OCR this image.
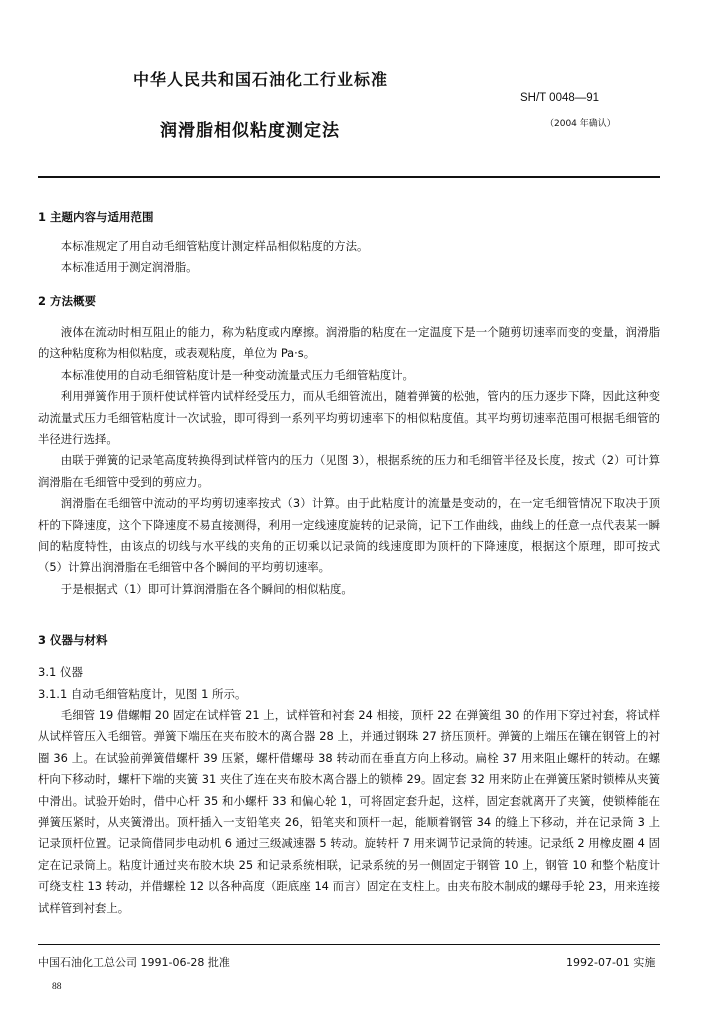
中华人民共和国石油化工行业标准
SH/T 0048—91
润滑脂相似粘度测定法	（2004 年确认）
1 主题内容与适用范围

本标准规定了用自动毛细管粘度计测定样品相似粘度的方法。

本标准适用于测定润滑脂。

2 方法概要

液体在流动时相互阻止的能力，称为粘度或内摩擦。润滑脂的粘度在一定温度下是一个随剪切速率而变的变量，润滑脂的这种粘度称为相似粘度，或表观粘度，单位为 Pa·s。

本标准使用的自动毛细管粘度计是一种变动流量式压力毛细管粘度计。

利用弹簧作用于顶杆使试样管内试样经受压力，而从毛细管流出，随着弹簧的松弛，管内的压力逐步下降，因此这种变动流量式压力毛细管粘度计一次试验，即可得到一系列平均剪切速率下的相似粘度值。其平均剪切速率范围可根据毛细管的半径进行选择。

由联于弹簧的记录笔高度转换得到试样管内的压力（见图 3），根据系统的压力和毛细管半径及长度，按式（2）可计算润滑脂在毛细管中受到的剪应力。

润滑脂在毛细管中流动的平均剪切速率按式（3）计算。由于此粘度计的流量是变动的，在一定毛细管情况下取决于顶杆的下降速度，这个下降速度不易直接测得，利用一定线速度旋转的记录筒，记下工作曲线，曲线上的任意一点代表某一瞬间的粘度特性，由该点的切线与水平线的夹角的正切乘以记录筒的线速度即为顶杆的下降速度，根据这个原理，即可按式（5）计算出润滑脂在毛细管中各个瞬间的平均剪切速率。

于是根据式（1）即可计算润滑脂在各个瞬间的相似粘度。

3 仪器与材料
3.1 仪器
3.1.1 自动毛细管粘度计，见图 1 所示。

毛细管 19 借螺帽 20 固定在试样管 21 上，试样管和衬套 24 相接，顶杆 22 在弹簧组 30 的作用下穿过衬套，将试样从试样管压入毛细管。弹簧下端压在夹布胶木的离合器 28 上，并通过钢珠 27 挤压顶杆。弹簧的上端压在镶在钢管上的衬圈 36 上。在试验前弹簧借螺杆 39 压紧，螺杆借螺母 38 转动而在垂直方向上移动。扁栓 37 用来阻止螺杆的转动。在螺杆向下移动时，螺杆下端的夹簧 31 夹住了连在夹布胶木离合器上的锁棒 29。固定套 32 用来防止在弹簧压紧时锁棒从夹簧中滑出。试验开始时，借中心杆 35 和小螺杆 33 和偏心轮 1，可将固定套升起，这样，固定套就离开了夹簧，使锁棒能在弹簧压紧时，从夹簧滑出。顶杆插入一支铅笔夹 26，铅笔夹和顶杆一起，能顺着钢管 34 的缝上下移动，并在记录筒 3 上记录顶杆位置。记录筒借同步电动机 6 通过三级减速器 5 转动。旋转杆 7 用来调节记录筒的转速。记录纸 2 用橡皮圈 4 固定在记录筒上。粘度计通过夹布胶木块 25 和记录系统相联，记录系统的另一侧固定于钢管 10 上，钢管 10 和整个粘度计可绕支柱 13 转动，并借螺栓 12 以各种高度（距底座 14 而言）固定在支柱上。由夹布胶木制成的螺母手轮 23，用来连接试样管到衬套上。

中国石油化工总公司 1991-06-28 批准	1992-07-01 实施
88
